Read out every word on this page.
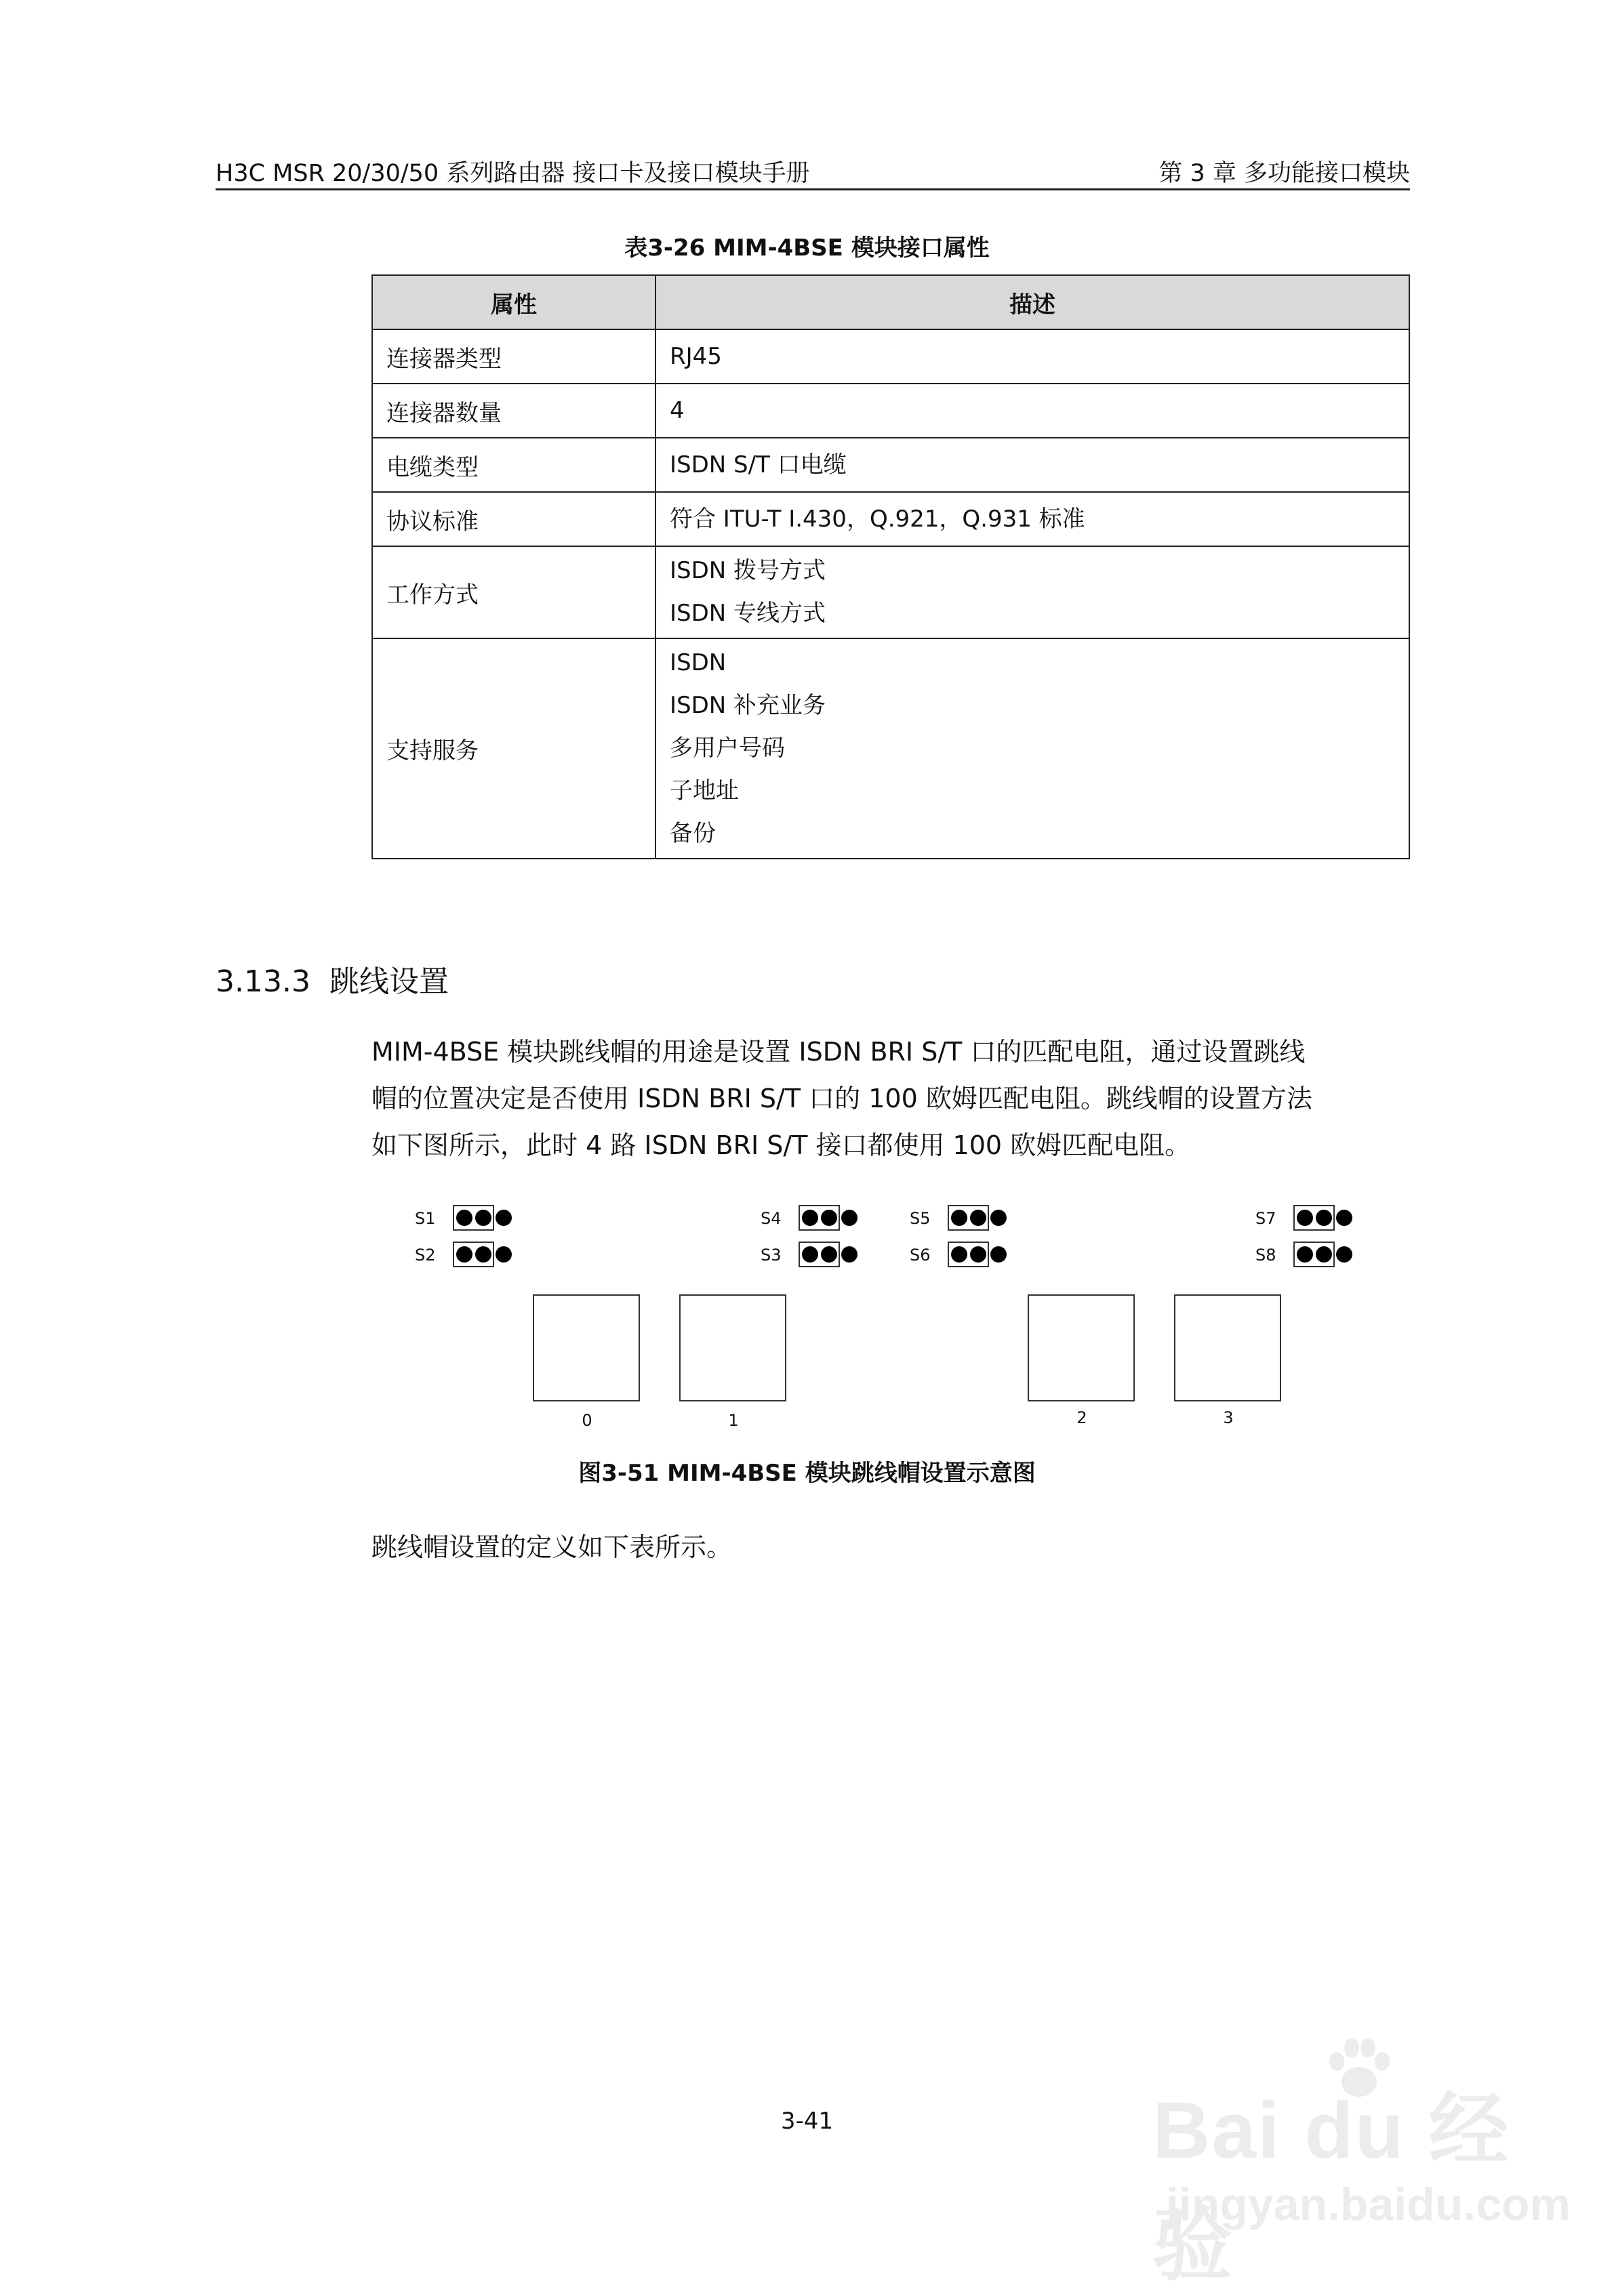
H3C MSR 20/30/50 系列路由器 接口卡及接口模块手册	第 3 章 多功能接口模块
表3-26 MIM-4BSE 模块接口属性
属性	描述
连接器类型	RJ45

连接器数量	4

电缆类型	ISDN S/T 口电缆

协议标准	符合 ITU-T I.430，Q.921，Q.931 标准

工作方式	ISDN 拨号方式
ISDN 专线方式

支持服务	ISDN
ISDN 补充业务
多用户号码
子地址
备份
3.13.3 跳线设置
MIM-4BSE 模块跳线帽的用途是设置 ISDN BRI S/T 口的匹配电阻，通过设置跳线
帽的位置决定是否使用 ISDN BRI S/T 口的 100 欧姆匹配电阻。跳线帽的设置方法
如下图所示，此时 4 路 ISDN BRI S/T 接口都使用 100 欧姆匹配电阻。
S1
S2
S4
S3
S5
S6
S7
S8
0	1	2	3
图3-51 MIM-4BSE 模块跳线帽设置示意图
跳线帽设置的定义如下表所示。
3-41	Bai du 经验
jingyan.baidu.com
